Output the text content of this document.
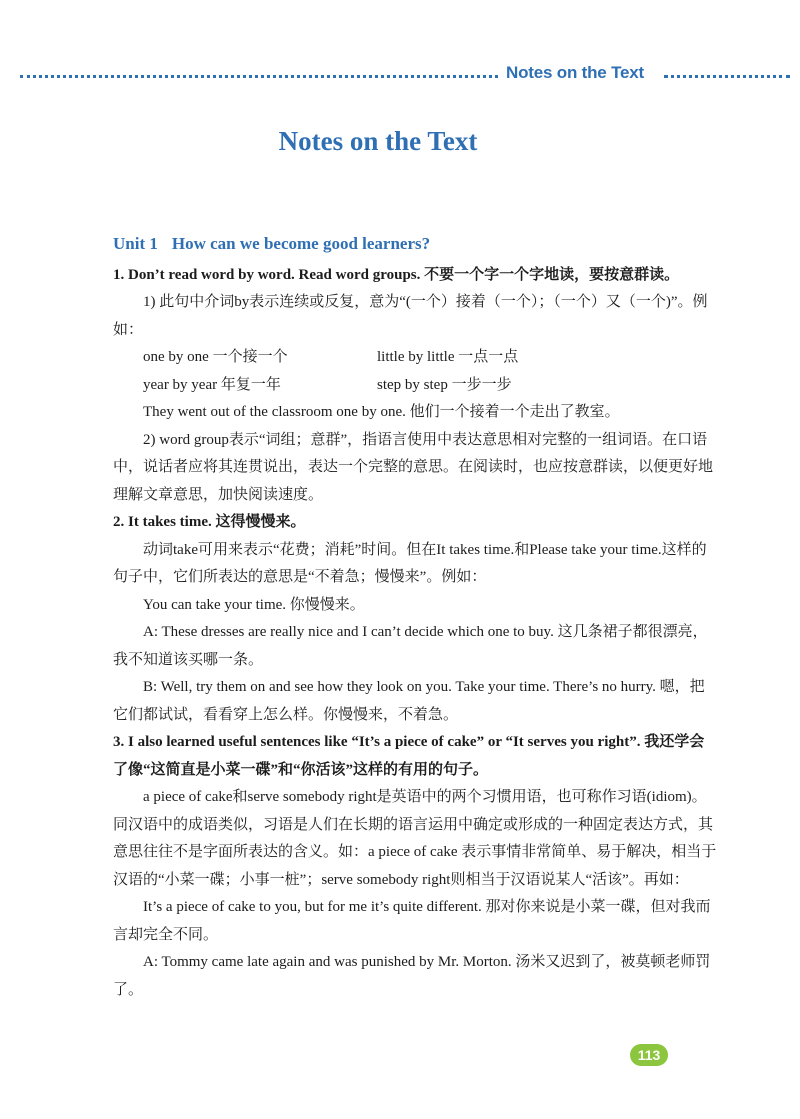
Notes on the Text
Notes on the Text
Unit 1 How can we become good learners?

1. Don’t read word by word. Read word groups. 不要一个字一个字地读，要按意群读。

1) 此句中介词by表示连续或反复，意为“(一个）接着（一个）；（一个）又（一个)”。例如：

one by one 一个接一个	little by little 一点一点
year by year 年复一年	step by step 一步一步

They went out of the classroom one by one. 他们一个接着一个走出了教室。

2) word group表示“词组；意群”，指语言使用中表达意思相对完整的一组词语。在口语中，说话者应将其连贯说出，表达一个完整的意思。在阅读时，也应按意群读，以便更好地理解文章意思，加快阅读速度。

2. It takes time. 这得慢慢来。

动词take可用来表示“花费；消耗”时间。但在It takes time.和Please take your time.这样的句子中，它们所表达的意思是“不着急；慢慢来”。例如：

You can take your time. 你慢慢来。

A: These dresses are really nice and I can’t decide which one to buy. 这几条裙子都很漂亮，我不知道该买哪一条。

B: Well, try them on and see how they look on you. Take your time. There’s no hurry. 嗯，把它们都试试，看看穿上怎么样。你慢慢来，不着急。

3. I also learned useful sentences like “It’s a piece of cake” or “It serves you right”. 我还学会了像“这简直是小菜一碟”和“你活该”这样的有用的句子。

a piece of cake和serve somebody right是英语中的两个习惯用语，也可称作习语(idiom)。同汉语中的成语类似，习语是人们在长期的语言运用中确定或形成的一种固定表达方式，其意思往往不是字面所表达的含义。如：a piece of cake 表示事情非常简单、易于解决，相当于汉语的“小菜一碟；小事一桩”；serve somebody right则相当于汉语说某人“活该”。再如：

It’s a piece of cake to you, but for me it’s quite different. 那对你来说是小菜一碟，但对我而言却完全不同。

A: Tommy came late again and was punished by Mr. Morton. 汤米又迟到了，被莫顿老师罚了。

113
